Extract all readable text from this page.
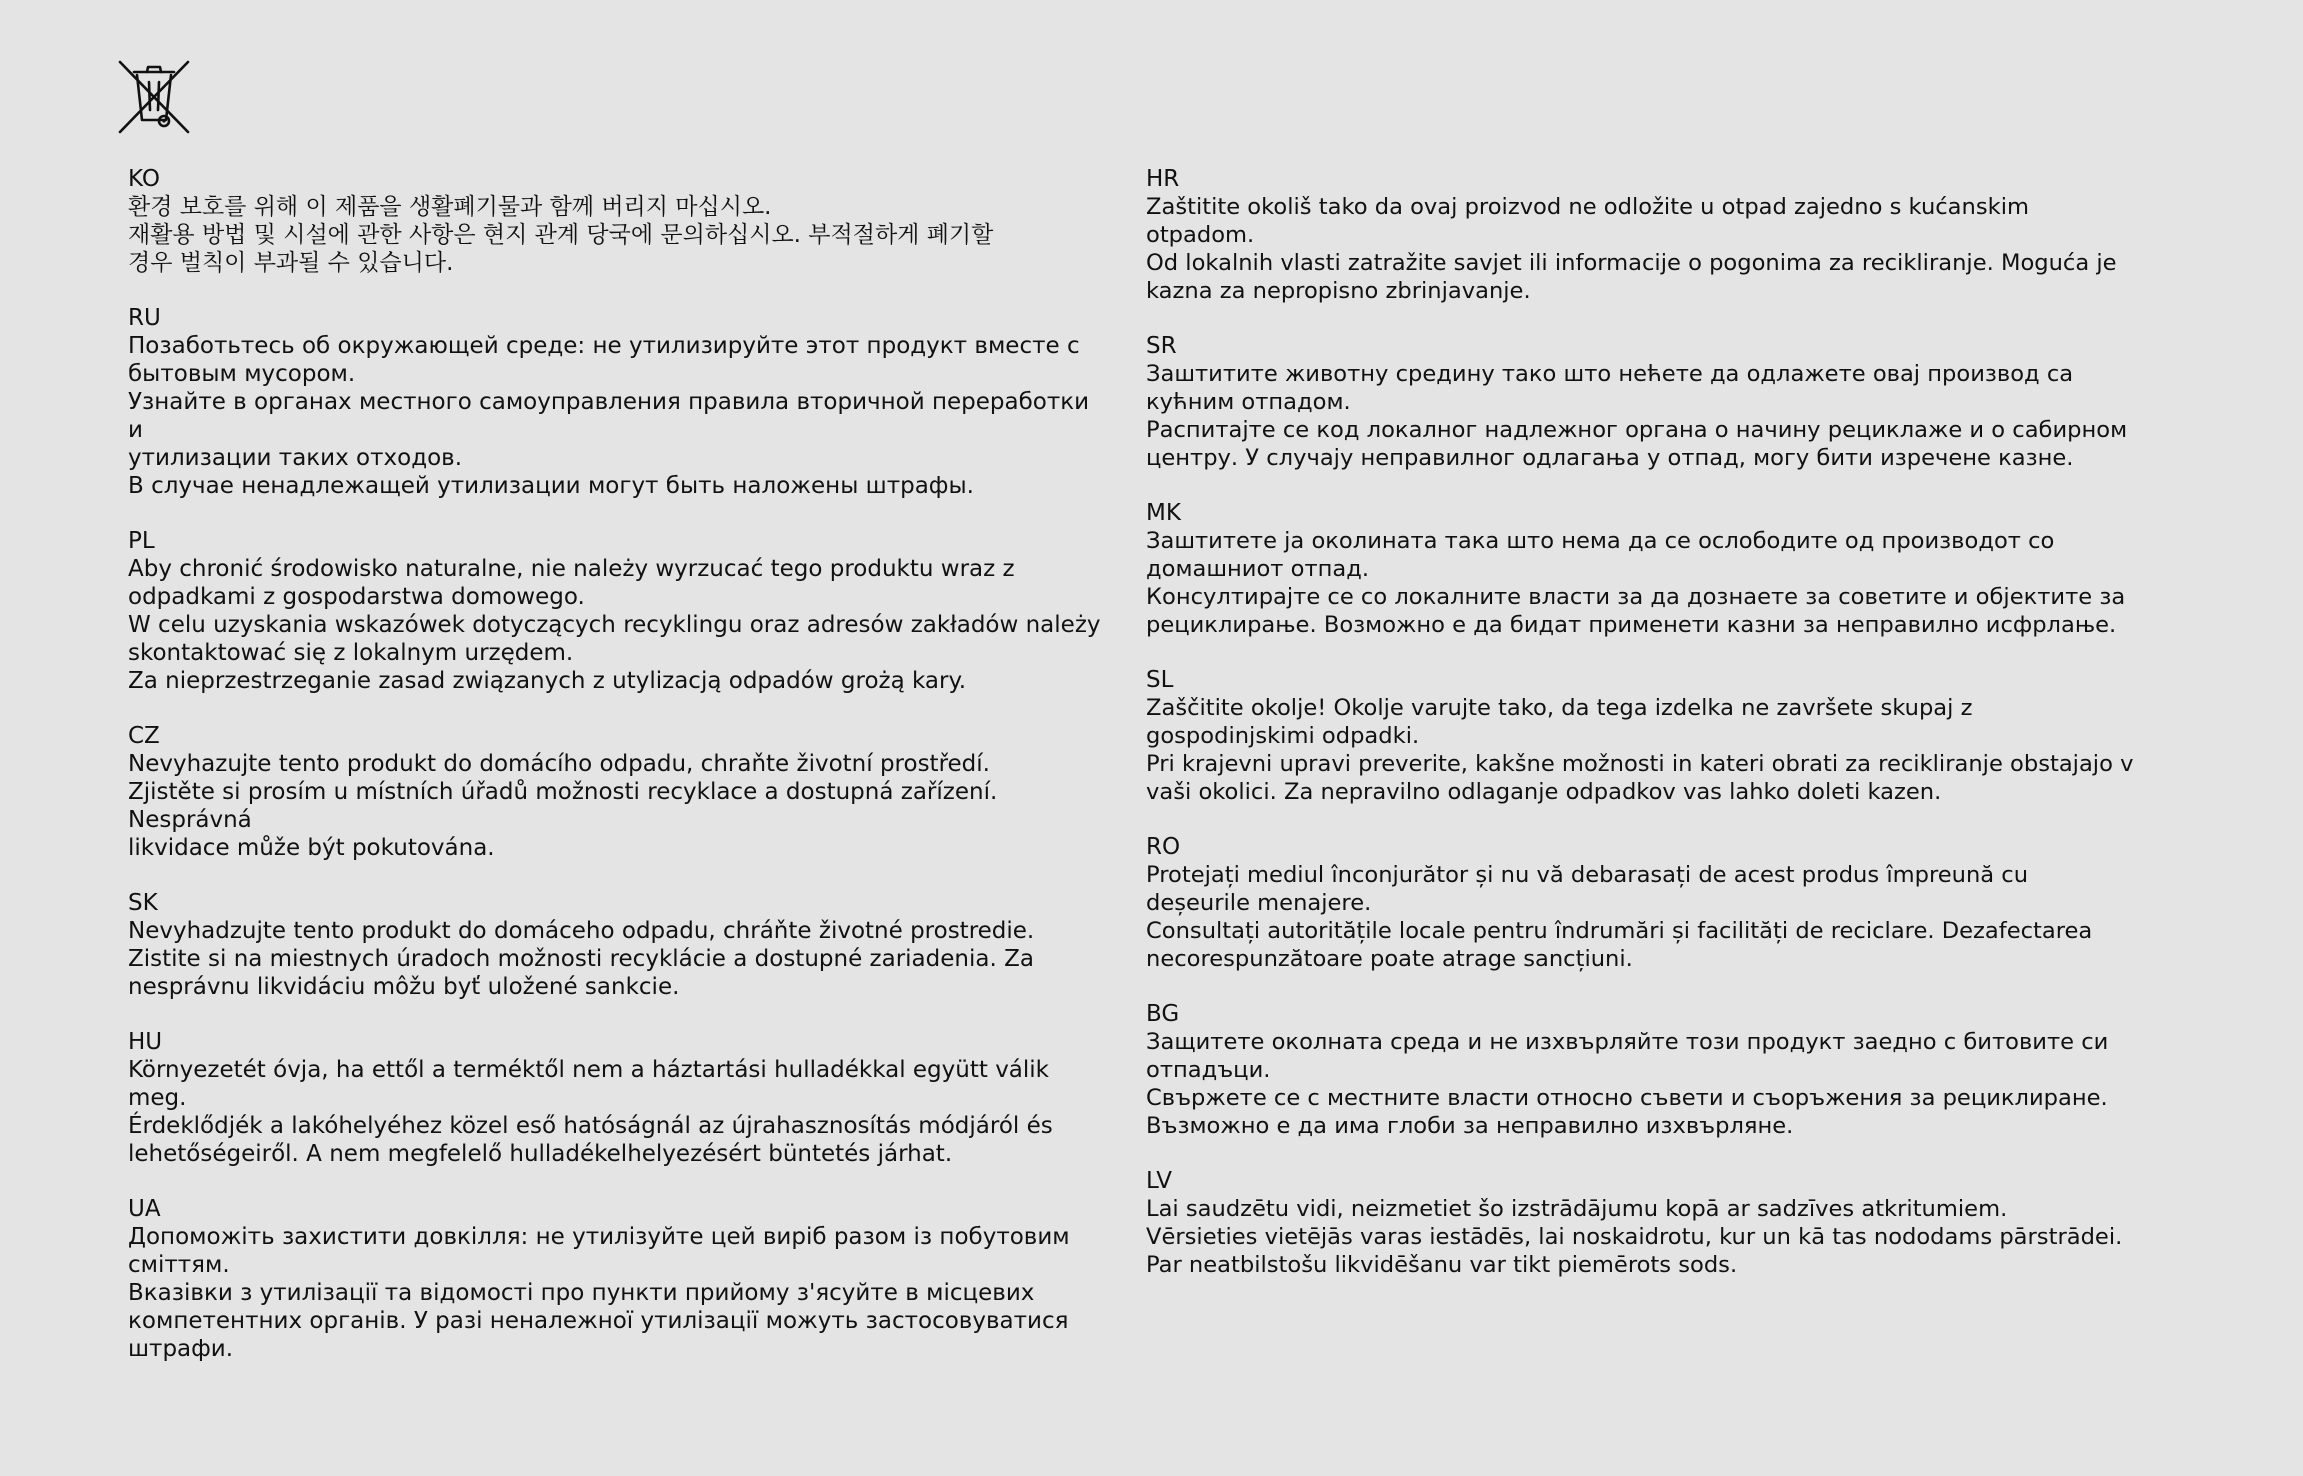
KO

환경 보호를 위해 이 제품을 생활폐기물과 함께 버리지 마십시오.

재활용 방법 및 시설에 관한 사항은 현지 관계 당국에 문의하십시오. 부적절하게 폐기할
경우 벌칙이 부과될 수 있습니다.

RU

Позаботьтесь об окружающей среде: не утилизируйте этот продукт вместе с
бытовым мусором.

Узнайте в органах местного самоуправления правила вторичной переработки и
утилизации таких отходов.

В случае ненадлежащей утилизации могут быть наложены штрафы.

PL

Aby chronić środowisko naturalne, nie należy wyrzucać tego produktu wraz z
odpadkami z gospodarstwa domowego.

W celu uzyskania wskazówek dotyczących recyklingu oraz adresów zakładów należy
skontaktować się z lokalnym urzędem.

Za nieprzestrzeganie zasad związanych z utylizacją odpadów grożą kary.

CZ

Nevyhazujte tento produkt do domácího odpadu, chraňte životní prostředí.

Zjistěte si prosím u místních úřadů možnosti recyklace a dostupná zařízení. Nesprávná
likvidace může být pokutována.

SK

Nevyhadzujte tento produkt do domáceho odpadu, chráňte životné prostredie.

Zistite si na miestnych úradoch možnosti recyklácie a dostupné zariadenia. Za
nesprávnu likvidáciu môžu byť uložené sankcie.

HU

Környezetét óvja, ha ettől a terméktől nem a háztartási hulladékkal együtt válik meg.

Érdeklődjék a lakóhelyéhez közel eső hatóságnál az újrahasznosítás módjáról és
lehetőségeiről. A nem megfelelő hulladékelhelyezésért büntetés járhat.

UA

Допоможіть захистити довкілля: не утилізуйте цей виріб разом із побутовим
сміттям.

Вказівки з утилізації та відомості про пункти прийому з'ясуйте в місцевих
компетентних органів. У разі неналежної утилізації можуть застосовуватися
штрафи.

HR

Zaštitite okoliš tako da ovaj proizvod ne odložite u otpad zajedno s kućanskim
otpadom.

Od lokalnih vlasti zatražite savjet ili informacije o pogonima za recikliranje. Moguća je
kazna za nepropisno zbrinjavanje.

SR

Заштитите животну средину тако што нећете да одлажете овај производ са
кућним отпадом.

Распитајте се код локалног надлежног органа о начину рециклаже и о сабирном
центру. У случају неправилног одлагања у отпад, могу бити изречене казне.

MK

Заштитете ја околината така што нема да се ослободите од производот со
домашниот отпад.

Консултирајте се со локалните власти за да дознаете за советите и објектите за
рециклирање. Возможно е да бидат применети казни за неправилно исфрлање.

SL

Zaščitite okolje! Okolje varujte tako, da tega izdelka ne završete skupaj z
gospodinjskimi odpadki.

Pri krajevni upravi preverite, kakšne možnosti in kateri obrati za recikliranje obstajajo v
vaši okolici. Za nepravilno odlaganje odpadkov vas lahko doleti kazen.

RO

Protejați mediul înconjurător și nu vă debarasați de acest produs împreună cu
deșeurile menajere.

Consultați autoritățile locale pentru îndrumări și facilități de reciclare. Dezafectarea
necorespunzătoare poate atrage sancțiuni.

BG

Защитете околната среда и не изхвърляйте този продукт заедно с битовите си
отпадъци.

Свържете се с местните власти относно съвети и съоръжения за рециклиране.
Възможно е да има глоби за неправилно изхвърляне.

LV

Lai saudzētu vidi, neizmetiet šo izstrādājumu kopā ar sadzīves atkritumiem.

Vērsieties vietējās varas iestādēs, lai noskaidrotu, kur un kā tas nododams pārstrādei.
Par neatbilstošu likvidēšanu var tikt piemērots sods.
